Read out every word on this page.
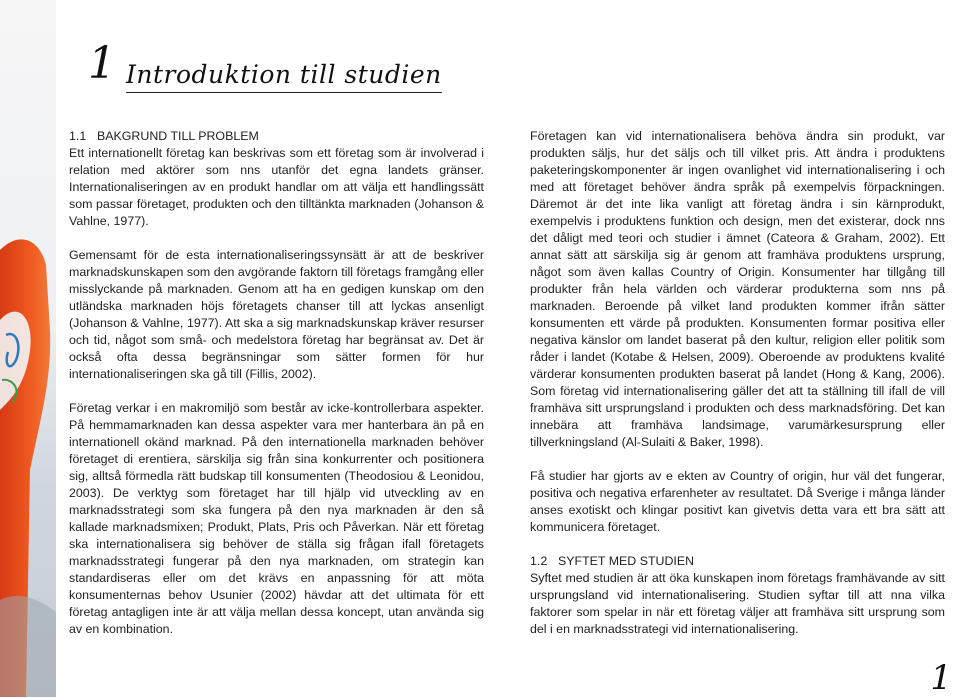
1 Introduktion till studien
1.1 BAKGRUND TILL PROBLEM

Ett internationellt företag kan beskrivas som ett företag som är involverad i relation med aktörer som nns utanför det egna landets gränser. Internationaliseringen av en produkt handlar om att välja ett handlingssätt som passar företaget, produkten och den tilltänkta marknaden (Johanson & Vahlne, 1977).

Gemensamt för de esta internationaliseringssynsätt är att de beskriver marknadskunskapen som den avgörande faktorn till företags framgång eller misslyckande på marknaden. Genom att ha en gedigen kunskap om den utländska marknaden höjs företagets chanser till att lyckas ansenligt (Johanson & Vahlne, 1977). Att ska a sig marknadskunskap kräver resurser och tid, något som små- och medelstora företag har begränsat av. Det är också ofta dessa begränsningar som sätter formen för hur internationaliseringen ska gå till (Fillis, 2002).

Företag verkar i en makromiljö som består av icke-kontrollerbara aspekter. På hemmamarknaden kan dessa aspekter vara mer hanterbara än på en internationell okänd marknad. På den internationella marknaden behöver företaget di erentiera, särskilja sig från sina konkurrenter och positionera sig, alltså förmedla rätt budskap till konsumenten (Theodosiou & Leonidou, 2003). De verktyg som företaget har till hjälp vid utveckling av en marknadsstrategi som ska fungera på den nya marknaden är den så kallade marknadsmixen; Produkt, Plats, Pris och Påverkan. När ett företag ska internationalisera sig behöver de ställa sig frågan ifall företagets marknadsstrategi fungerar på den nya marknaden, om strategin kan standardiseras eller om det krävs en anpassning för att möta konsumenternas behov Usunier (2002) hävdar att det ultimata för ett företag antagligen inte är att välja mellan dessa koncept, utan använda sig av en kombination.

Företagen kan vid internationalisera behöva ändra sin produkt, var produkten säljs, hur det säljs och till vilket pris. Att ändra i produktens paketeringskomponenter är ingen ovanlighet vid internationalisering i och med att företaget behöver ändra språk på exempelvis förpackningen. Däremot är det inte lika vanligt att företag ändra i sin kärnprodukt, exempelvis i produktens funktion och design, men det existerar, dock nns det dåligt med teori och studier i ämnet (Cateora & Graham, 2002). Ett annat sätt att särskilja sig är genom att framhäva produktens ursprung, något som även kallas Country of Origin. Konsumenter har tillgång till produkter från hela världen och värderar produkterna som nns på marknaden. Beroende på vilket land produkten kommer ifrån sätter konsumenten ett värde på produkten. Konsumenten formar positiva eller negativa känslor om landet baserat på den kultur, religion eller politik som råder i landet (Kotabe & Helsen, 2009). Oberoende av produktens kvalité värderar konsumenten produkten baserat på landet (Hong & Kang, 2006). Som företag vid internationalisering gäller det att ta ställning till ifall de vill framhäva sitt ursprungsland i produkten och dess marknadsföring. Det kan innebära att framhäva landsimage, varumärkesursprung eller tillverkningsland (Al-Sulaiti & Baker, 1998).

Få studier har gjorts av e ekten av Country of origin, hur väl det fungerar, positiva och negativa erfarenheter av resultatet. Då Sverige i många länder anses exotiskt och klingar positivt kan givetvis detta vara ett bra sätt att kommunicera företaget.

1.2 SYFTET MED STUDIEN

Syftet med studien är att öka kunskapen inom företags framhävande av sitt ursprungsland vid internationalisering. Studien syftar till att nna vilka faktorer som spelar in när ett företag väljer att framhäva sitt ursprung som del i en marknadsstrategi vid internationalisering.

1
